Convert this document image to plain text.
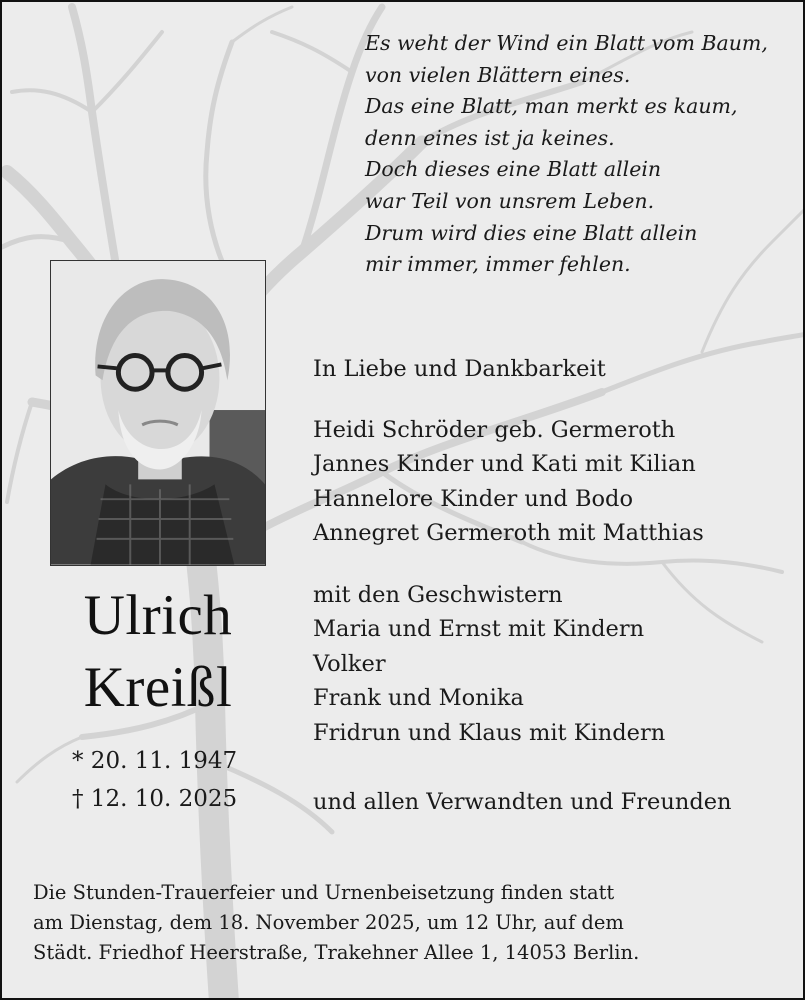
Es weht der Wind ein Blatt vom Baum,
von vielen Blättern eines.
Das eine Blatt, man merkt es kaum,
denn eines ist ja keines.
Doch dieses eine Blatt allein
war Teil von unsrem Leben.
Drum wird dies eine Blatt allein
mir immer, immer fehlen.
Ulrich
Kreißl
* 20. 11. 1947
† 12. 10. 2025
In Liebe und Dankbarkeit
Heidi Schröder geb. Germeroth
Jannes Kinder und Kati mit Kilian
Hannelore Kinder und Bodo
Annegret Germeroth mit Matthias
mit den Geschwistern
Maria und Ernst mit Kindern
Volker
Frank und Monika
Fridrun und Klaus mit Kindern
und allen Verwandten und Freunden
Die Stunden-Trauerfeier und Urnenbeisetzung finden statt
am Dienstag, dem 18. November 2025, um 12 Uhr, auf dem
Städt. Friedhof Heerstraße, Trakehner Allee 1, 14053 Berlin.
